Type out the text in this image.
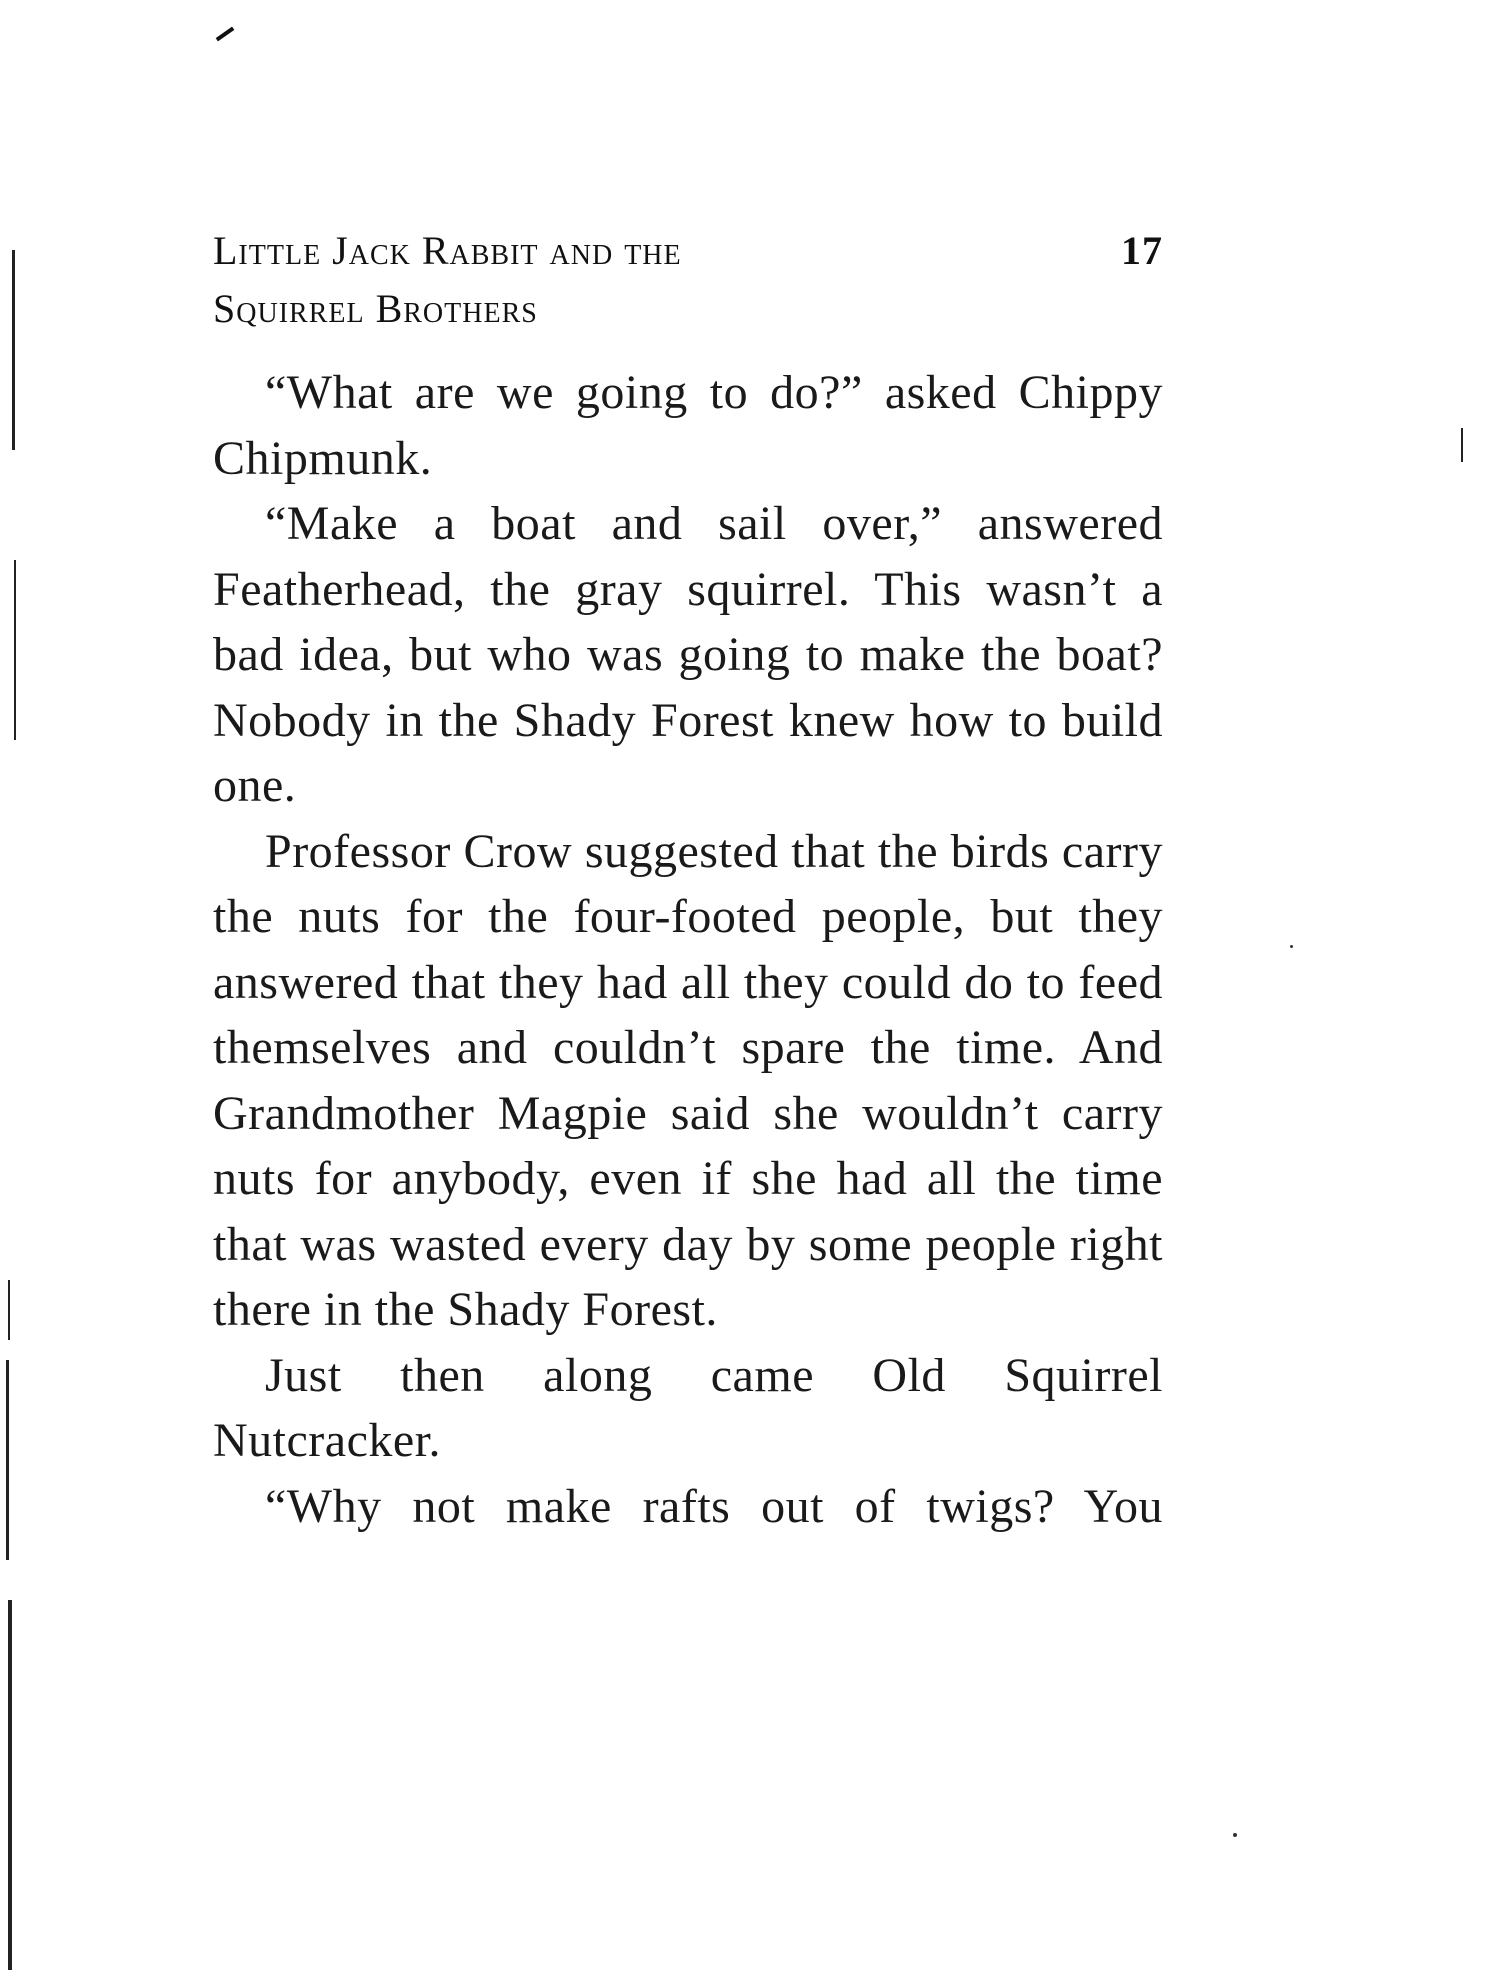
Little Jack Rabbit and the
Squirrel Brothers
17

“What are we going to do?” asked Chippy Chipmunk.

“Make a boat and sail over,” answered Featherhead, the gray squirrel. This wasn’t a bad idea, but who was going to make the boat? Nobody in the Shady Forest knew how to build one.

Professor Crow suggested that the birds carry the nuts for the four-footed people, but they answered that they had all they could do to feed themselves and couldn’t spare the time. And Grandmother Magpie said she wouldn’t carry nuts for anybody, even if she had all the time that was wasted every day by some people right there in the Shady Forest.

Just then along came Old Squirrel Nutcracker.

“Why not make rafts out of twigs? You
